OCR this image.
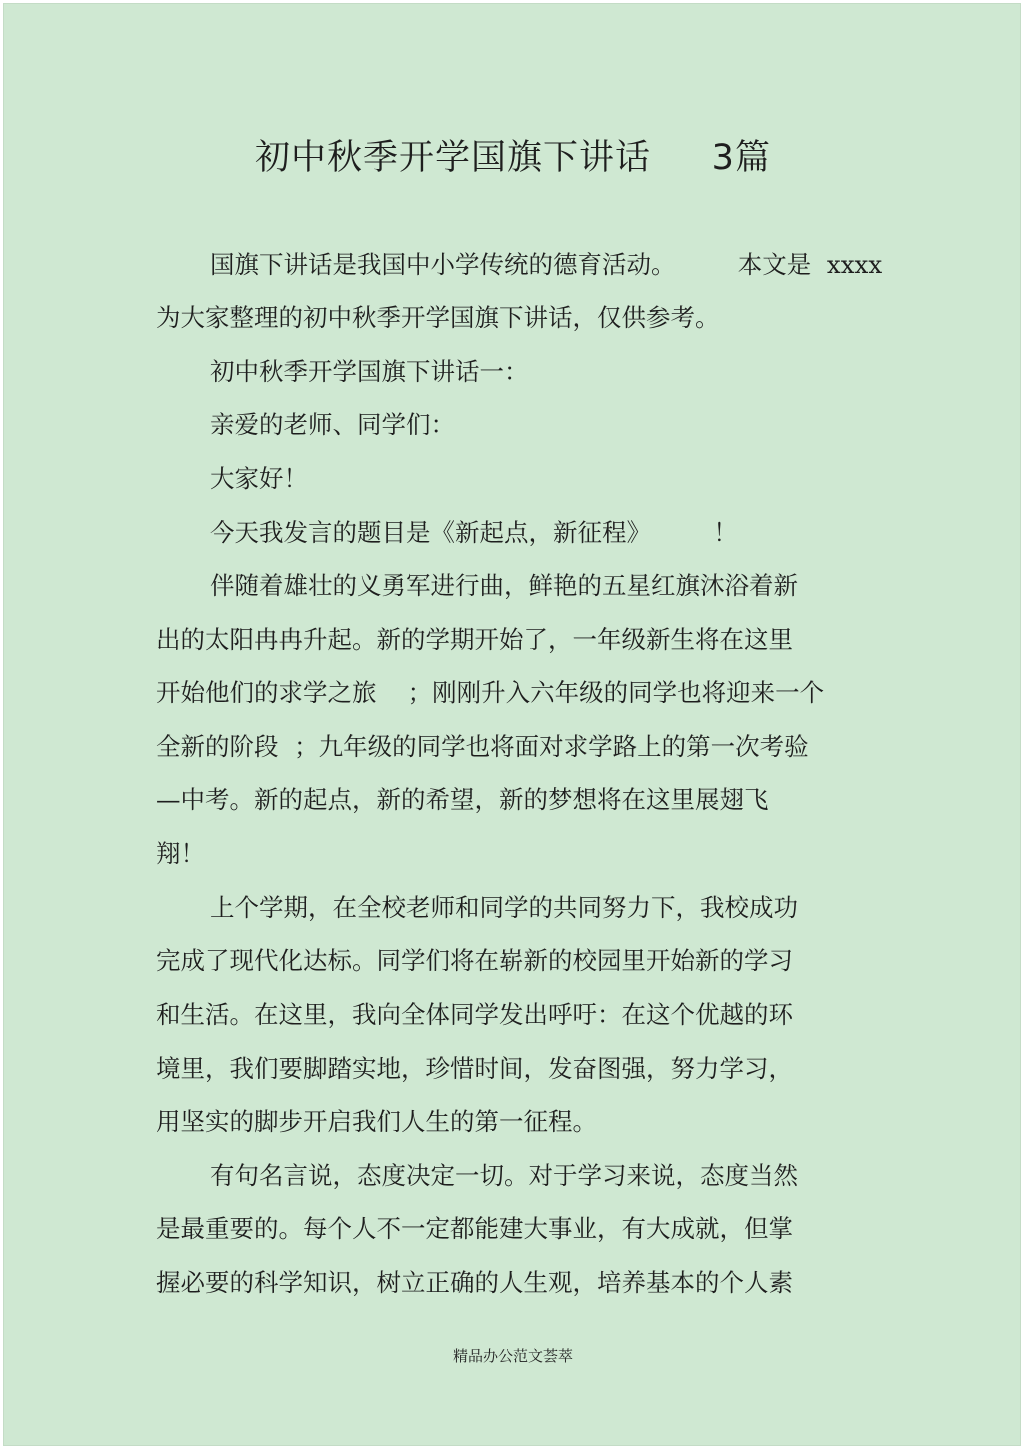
初中秋季开学国旗下讲话     3篇
国旗下讲话是我国中小学传统的德育活动。        本文是  xxxx
为大家整理的初中秋季开学国旗下讲话，仅供参考。
初中秋季开学国旗下讲话一：
亲爱的老师、同学们：
大家好！
今天我发言的题目是《新起点，新征程》        ！
伴随着雄壮的义勇军进行曲，鲜艳的五星红旗沐浴着新
出的太阳冉冉升起。新的学期开始了，一年级新生将在这里
开始他们的求学之旅    ；刚刚升入六年级的同学也将迎来一个
全新的阶段  ；九年级的同学也将面对求学路上的第一次考验
—中考。新的起点，新的希望，新的梦想将在这里展翅飞
翔！
上个学期，在全校老师和同学的共同努力下，我校成功
完成了现代化达标。同学们将在崭新的校园里开始新的学习
和生活。在这里，我向全体同学发出呼吁：在这个优越的环
境里，我们要脚踏实地，珍惜时间，发奋图强，努力学习，
用坚实的脚步开启我们人生的第一征程。
有句名言说，态度决定一切。对于学习来说，态度当然
是最重要的。每个人不一定都能建大事业，有大成就，但掌
握必要的科学知识，树立正确的人生观，培养基本的个人素
精品办公范文荟萃
